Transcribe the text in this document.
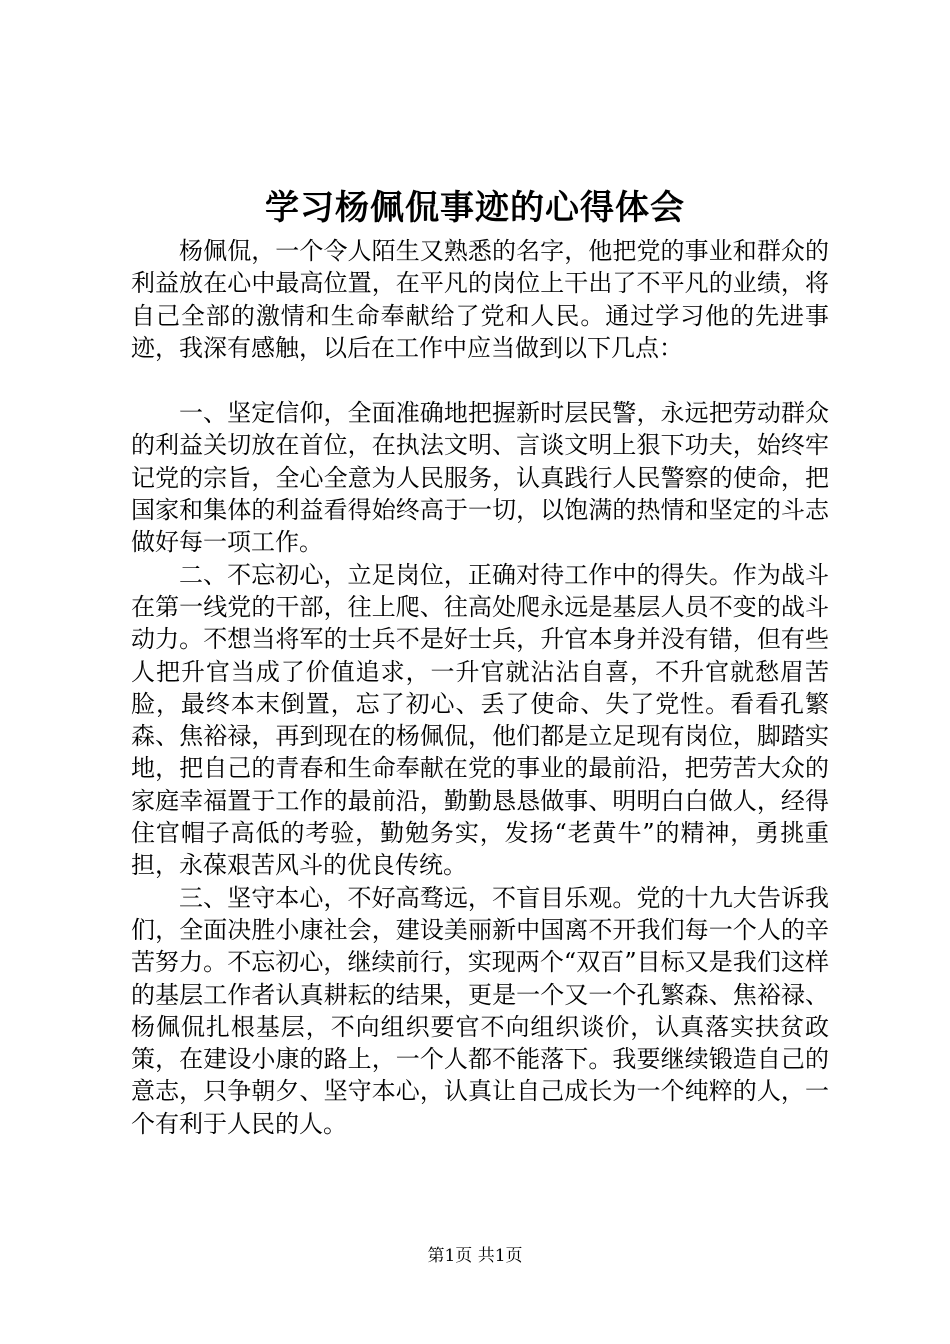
学习杨佩侃事迹的心得体会

杨佩侃，一个令人陌生又熟悉的名字，他把党的事业和群众的利益放在心中最高位置，在平凡的岗位上干出了不平凡的业绩，将自己全部的激情和生命奉献给了党和人民。通过学习他的先进事迹，我深有感触，以后在工作中应当做到以下几点：

一、坚定信仰，全面准确地把握新时层民警，永远把劳动群众的利益关切放在首位，在执法文明、言谈文明上狠下功夫，始终牢记党的宗旨，全心全意为人民服务，认真践行人民警察的使命，把国家和集体的利益看得始终高于一切，以饱满的热情和坚定的斗志做好每一项工作。

二、不忘初心，立足岗位，正确对待工作中的得失。作为战斗在第一线党的干部，往上爬、往高处爬永远是基层人员不变的战斗动力。不想当将军的士兵不是好士兵，升官本身并没有错，但有些人把升官当成了价值追求，一升官就沾沾自喜，不升官就愁眉苦脸，最终本末倒置，忘了初心、丢了使命、失了党性。看看孔繁森、焦裕禄，再到现在的杨佩侃，他们都是立足现有岗位，脚踏实地，把自己的青春和生命奉献在党的事业的最前沿，把劳苦大众的家庭幸福置于工作的最前沿，勤勤恳恳做事、明明白白做人，经得住官帽子高低的考验，勤勉务实，发扬“老黄牛”的精神，勇挑重担，永葆艰苦风斗的优良传统。

三、坚守本心，不好高骛远，不盲目乐观。党的十九大告诉我们，全面决胜小康社会，建设美丽新中国离不开我们每一个人的辛苦努力。不忘初心，继续前行，实现两个“双百”目标又是我们这样的基层工作者认真耕耘的结果，更是一个又一个孔繁森、焦裕禄、杨佩侃扎根基层，不向组织要官不向组织谈价，认真落实扶贫政策，在建设小康的路上，一个人都不能落下。我要继续锻造自己的意志，只争朝夕、坚守本心，认真让自己成长为一个纯粹的人，一个有利于人民的人。

第1页 共1页
